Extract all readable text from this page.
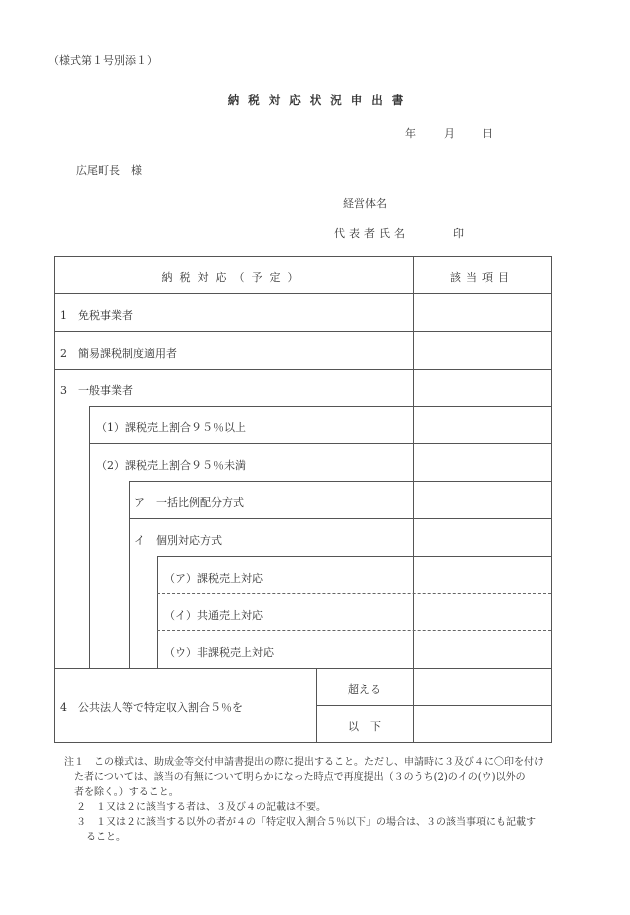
（様式第１号別添１）
納税対応状況申出書
年	月 日
広尾町長　様
経営体名
代表者氏名	印
納税対応（予定）	該当項目
1　免税事業者
2　簡易課税制度適用者
3　一般事業者
（1）課税売上割合９５％以上
（2）課税売上割合９５％未満
ア　一括比例配分方式
イ　個別対応方式
（ア）課税売上対応
（イ）共通売上対応
（ウ）非課税売上対応
4　公共法人等で特定収入割合５％を
超える
以　下
注１　この様式は、助成金等交付申請書提出の際に提出すること。ただし、申請時に３及び４に〇印を付け
た者については、該当の有無について明らかになった時点で再度提出（３のうち(2)のイの(ウ)以外の
者を除く。）すること。
２　１又は２に該当する者は、３及び４の記載は不要。
３　１又は２に該当する以外の者が４の「特定収入割合５％以下」の場合は、３の該当事項にも記載す
ること。
